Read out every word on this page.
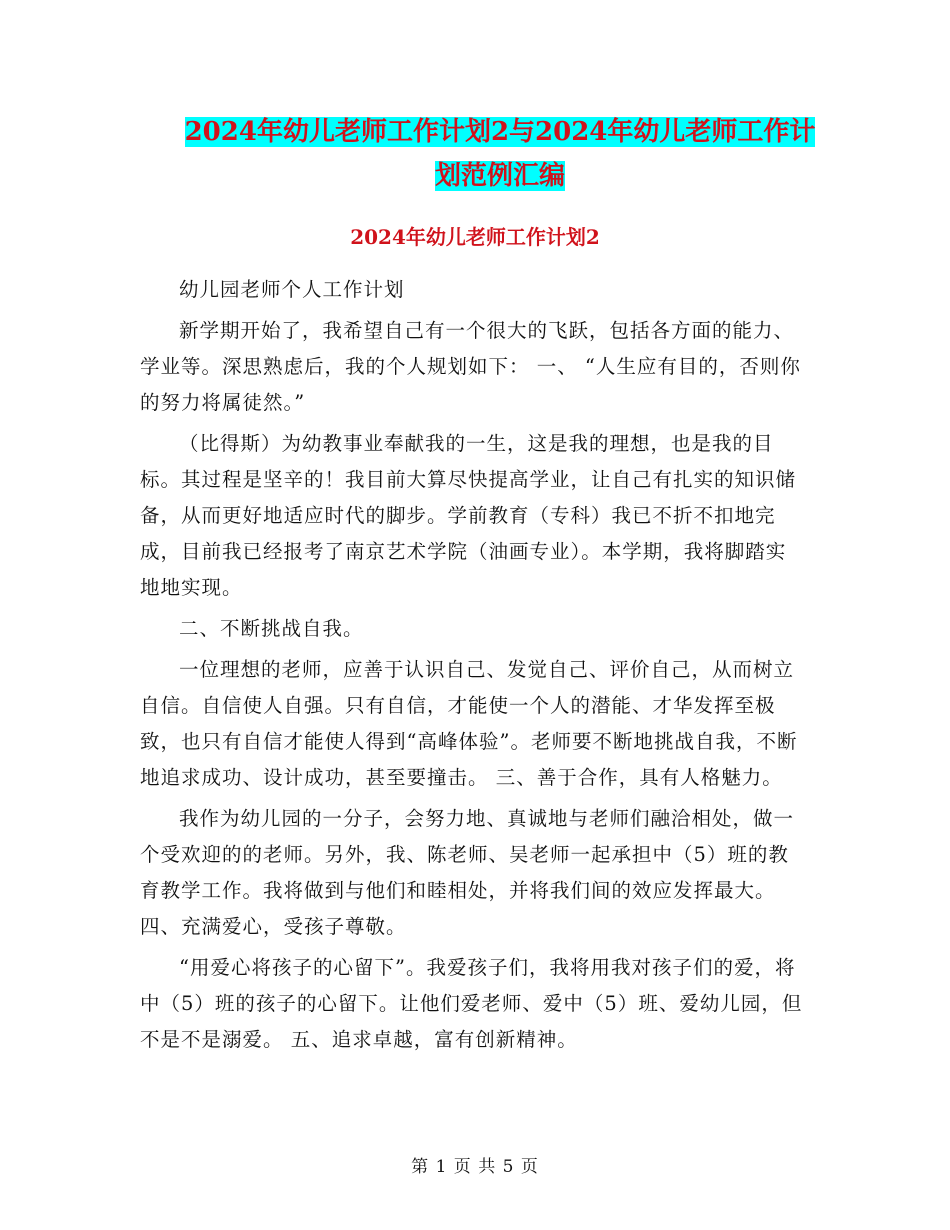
2024年幼儿老师工作计划2与2024年幼儿老师工作计
划范例汇编
2024年幼儿老师工作计划2

幼儿园老师个人工作计划

新学期开始了，我希望自己有一个很大的飞跃，包括各方面的能力、学业等。深思熟虑后，我的个人规划如下： 一、 “人生应有目的，否则你的努力将属徒然。”

（比得斯）为幼教事业奉献我的一生，这是我的理想，也是我的目标。其过程是坚辛的！我目前大算尽快提高学业，让自己有扎实的知识储备，从而更好地适应时代的脚步。学前教育（专科）我已不折不扣地完成，目前我已经报考了南京艺术学院（油画专业）。本学期，我将脚踏实地地实现。

二、不断挑战自我。

一位理想的老师，应善于认识自己、发觉自己、评价自己，从而树立自信。自信使人自强。只有自信，才能使一个人的潜能、才华发挥至极致，也只有自信才能使人得到“高峰体验”。老师要不断地挑战自我，不断地追求成功、设计成功，甚至要撞击。 三、善于合作，具有人格魅力。

我作为幼儿园的一分子，会努力地、真诚地与老师们融洽相处，做一个受欢迎的的老师。另外，我、陈老师、吴老师一起承担中（5）班的教育教学工作。我将做到与他们和睦相处，并将我们间的效应发挥最大。 四、充满爱心，受孩子尊敬。

“用爱心将孩子的心留下”。我爱孩子们，我将用我对孩子们的爱，将中（5）班的孩子的心留下。让他们爱老师、爱中（5）班、爱幼儿园，但不是不是溺爱。 五、追求卓越，富有创新精神。

第 1 页 共 5 页
